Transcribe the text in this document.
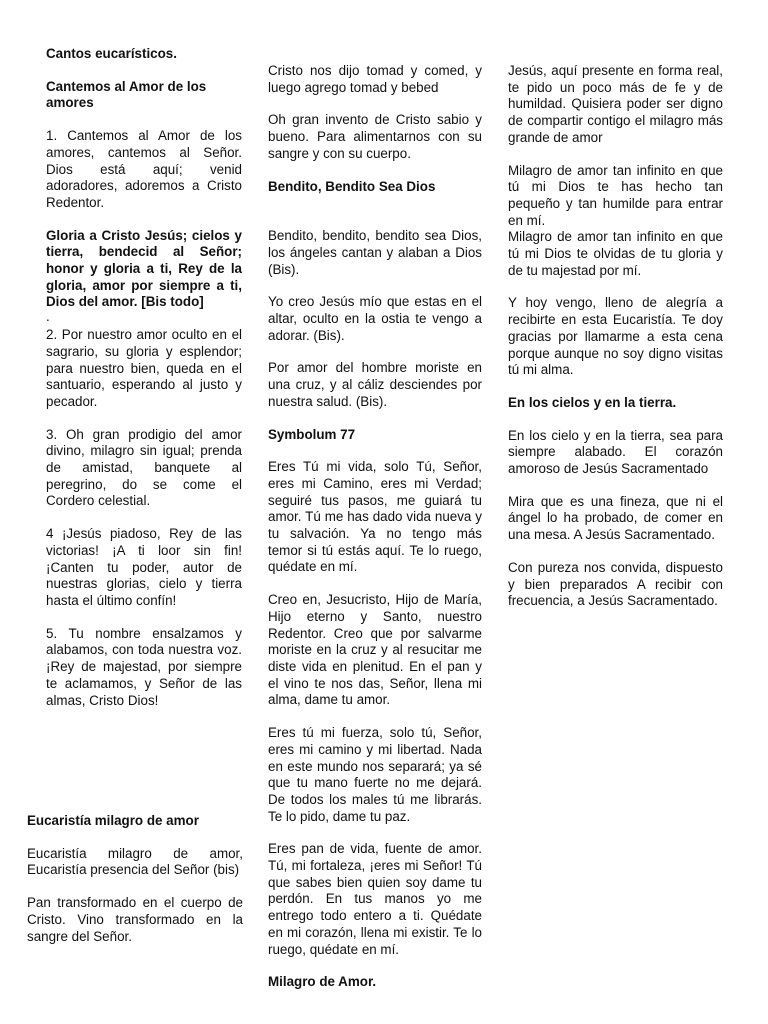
Cantos eucarísticos.

Cantemos al Amor de los amores

1. Cantemos al Amor de los amores, cantemos al Señor. Dios está aquí; venid adoradores, adoremos a Cristo Redentor.

Gloria a Cristo Jesús; cielos y tierra, bendecid al Señor; honor y gloria a ti, Rey de la gloria, amor por siempre a ti, Dios del amor. [Bis todo]

.

2. Por nuestro amor oculto en el sagrario, su gloria y esplendor; para nuestro bien, queda en el santuario, esperando al justo y pecador.

3. Oh gran prodigio del amor divino, milagro sin igual; prenda de amistad, banquete al peregrino, do se come el Cordero celestial.

4 ¡Jesús piadoso, Rey de las victorias! ¡A ti loor sin fin! ¡Canten tu poder, autor de nuestras glorias, cielo y tierra hasta el último confín!

5. Tu nombre ensalzamos y alabamos, con toda nuestra voz. ¡Rey de majestad, por siempre te aclamamos, y Señor de las almas, Cristo Dios!

Eucaristía milagro de amor

Eucaristía milagro de amor, Eucaristía presencia del Señor (bis)

Pan transformado en el cuerpo de Cristo. Vino transformado en la sangre del Señor.

Cristo nos dijo tomad y comed, y luego agrego tomad y bebed

Oh gran invento de Cristo sabio y bueno. Para alimentarnos con su sangre y con su cuerpo.

Bendito, Bendito Sea Dios

Bendito, bendito, bendito sea Dios, los ángeles cantan y alaban a Dios (Bis).

Yo creo Jesús mío que estas en el altar, oculto en la ostia te vengo a adorar. (Bis).

Por amor del hombre moriste en una cruz, y al cáliz desciendes por nuestra salud. (Bis).

Symbolum 77

Eres Tú mi vida, solo Tú, Señor, eres mi Camino, eres mi Verdad; seguiré tus pasos, me guiará tu amor. Tú me has dado vida nueva y tu salvación. Ya no tengo más temor si tú estás aquí. Te lo ruego, quédate en mí.

Creo en, Jesucristo, Hijo de María, Hijo eterno y Santo, nuestro Redentor. Creo que por salvarme moriste en la cruz y al resucitar me diste vida en plenitud. En el pan y el vino te nos das, Señor, llena mi alma, dame tu amor.

Eres tú mi fuerza, solo tú, Señor, eres mi camino y mi libertad. Nada en este mundo nos separará; ya sé que tu mano fuerte no me dejará. De todos los males tú me librarás. Te lo pido, dame tu paz.

Eres pan de vida, fuente de amor. Tú, mi fortaleza, ¡eres mi Señor! Tú que sabes bien quien soy dame tu perdón. En tus manos yo me entrego todo entero a ti. Quédate en mi corazón, llena mi existir. Te lo ruego, quédate en mí.

Milagro de Amor.

Jesús, aquí presente en forma real, te pido un poco más de fe y de humildad. Quisiera poder ser digno de compartir contigo el milagro más grande de amor

Milagro de amor tan infinito en que tú mi Dios te has hecho tan pequeño y tan humilde para entrar en mí.

Milagro de amor tan infinito en que tú mi Dios te olvidas de tu gloria y de tu majestad por mí.

Y hoy vengo, lleno de alegría a recibirte en esta Eucaristía. Te doy gracias por llamarme a esta cena porque aunque no soy digno visitas tú mi alma.

En los cielos y en la tierra.

En los cielo y en la tierra, sea para siempre alabado. El corazón amoroso de Jesús Sacramentado

Mira que es una fineza, que ni el ángel lo ha probado, de comer en una mesa. A Jesús Sacramentado.

Con pureza nos convida, dispuesto y bien preparados A recibir con frecuencia, a Jesús Sacramentado.
